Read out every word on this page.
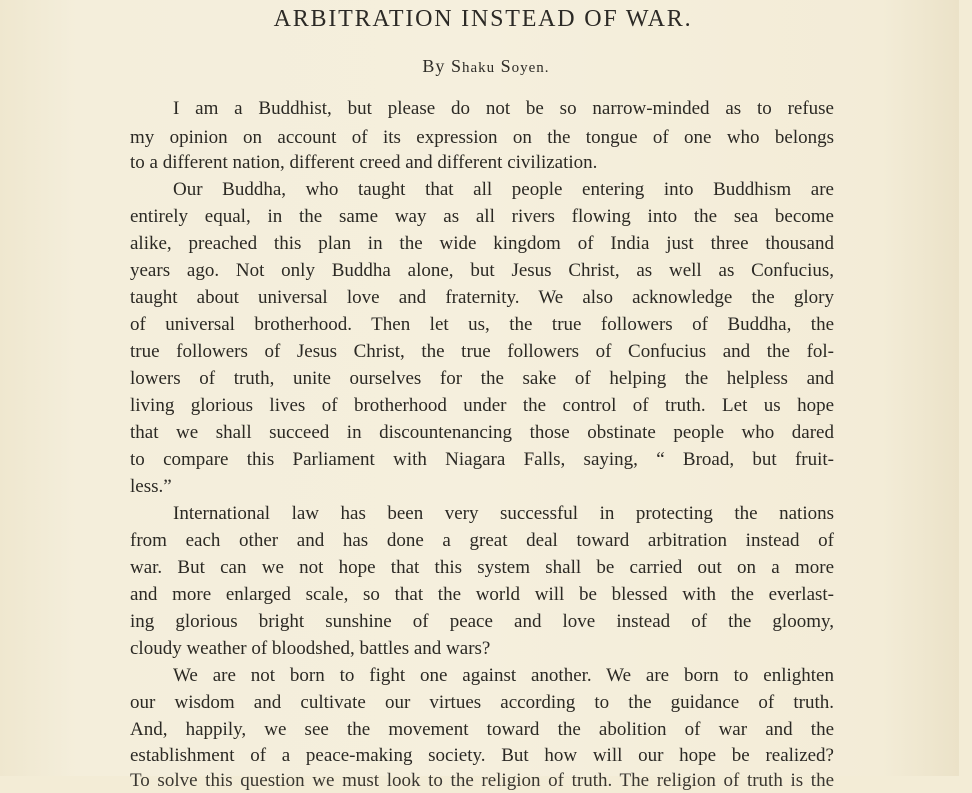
ARBITRATION INSTEAD OF WAR.
By Shaku Soyen.
I am a Buddhist, but please do not be so narrow-minded as to refuse
my opinion on account of its expression on the tongue of one who belongs
to a different nation, different creed and different civilization.
Our Buddha, who taught that all people entering into Buddhism are
entirely equal, in the same way as all rivers flowing into the sea become
alike, preached this plan in the wide kingdom of India just three thousand
years ago. Not only Buddha alone, but Jesus Christ, as well as Confucius,
taught about universal love and fraternity. We also acknowledge the glory
of universal brotherhood. Then let us, the true followers of Buddha, the
true followers of Jesus Christ, the true followers of Confucius and the fol-
lowers of truth, unite ourselves for the sake of helping the helpless and
living glorious lives of brotherhood under the control of truth. Let us hope
that we shall succeed in discountenancing those obstinate people who dared
to compare this Parliament with Niagara Falls, saying, “ Broad, but fruit-
less.”
International law has been very successful in protecting the nations
from each other and has done a great deal toward arbitration instead of
war. But can we not hope that this system shall be carried out on a more
and more enlarged scale, so that the world will be blessed with the everlast-
ing glorious bright sunshine of peace and love instead of the gloomy,
cloudy weather of bloodshed, battles and wars?
We are not born to fight one against another. We are born to enlighten
our wisdom and cultivate our virtues according to the guidance of truth.
And, happily, we see the movement toward the abolition of war and the
establishment of a peace-making society. But how will our hope be realized?
To solve this question we must look to the religion of truth. The religion of truth is the
